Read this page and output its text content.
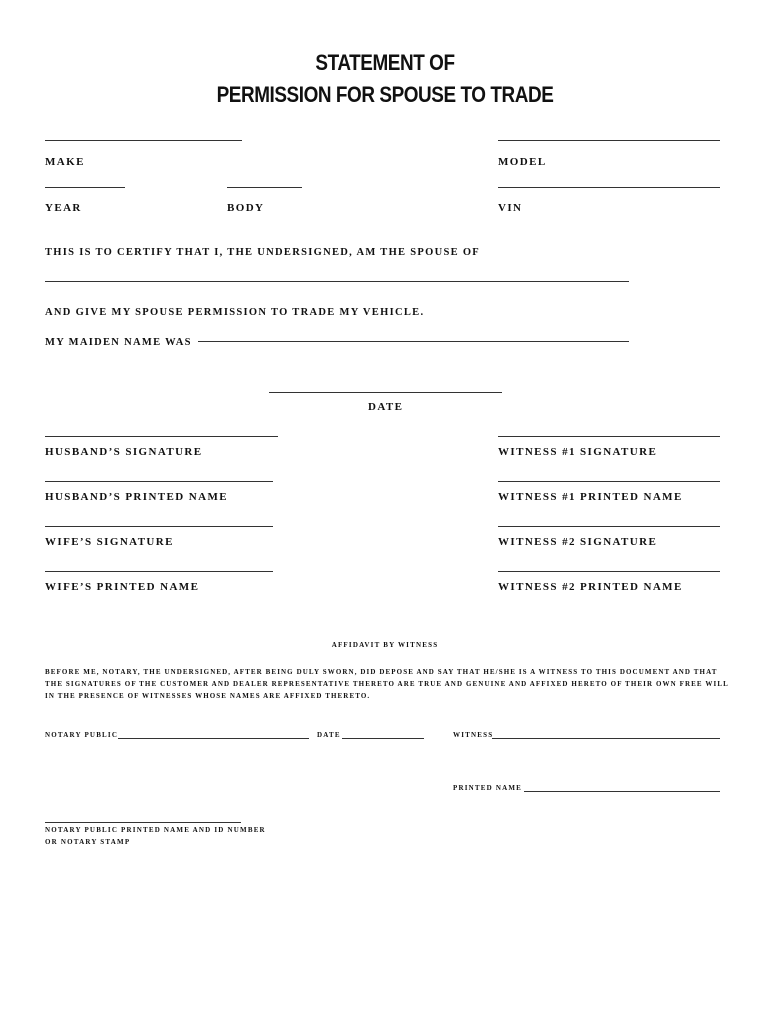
STATEMENT OF
PERMISSION FOR SPOUSE TO TRADE
MAKE	MODEL
YEAR	BODY	VIN
THIS IS TO CERTIFY THAT I, THE UNDERSIGNED, AM THE SPOUSE OF
AND GIVE MY SPOUSE PERMISSION TO TRADE MY VEHICLE.
MY MAIDEN NAME WAS
DATE
HUSBAND’S SIGNATURE
HUSBAND’S PRINTED NAME
WIFE’S SIGNATURE
WIFE’S PRINTED NAME
WITNESS #1 SIGNATURE
WITNESS #1 PRINTED NAME
WITNESS #2 SIGNATURE
WITNESS #2 PRINTED NAME
AFFIDAVIT BY WITNESS
BEFORE ME, NOTARY, THE UNDERSIGNED, AFTER BEING DULY SWORN, DID DEPOSE AND SAY THAT HE/SHE IS A WITNESS TO THIS DOCUMENT AND THAT THE SIGNATURES OF THE CUSTOMER AND DEALER REPRESENTATIVE THERETO ARE TRUE AND GENUINE AND AFFIXED HERETO OF THEIR OWN FREE WILL IN THE PRESENCE OF WITNESSES WHOSE NAMES ARE AFFIXED THERETO.
NOTARY PUBLIC	DATE	WITNESS
PRINTED NAME
NOTARY PUBLIC PRINTED NAME AND ID NUMBER
OR NOTARY STAMP
